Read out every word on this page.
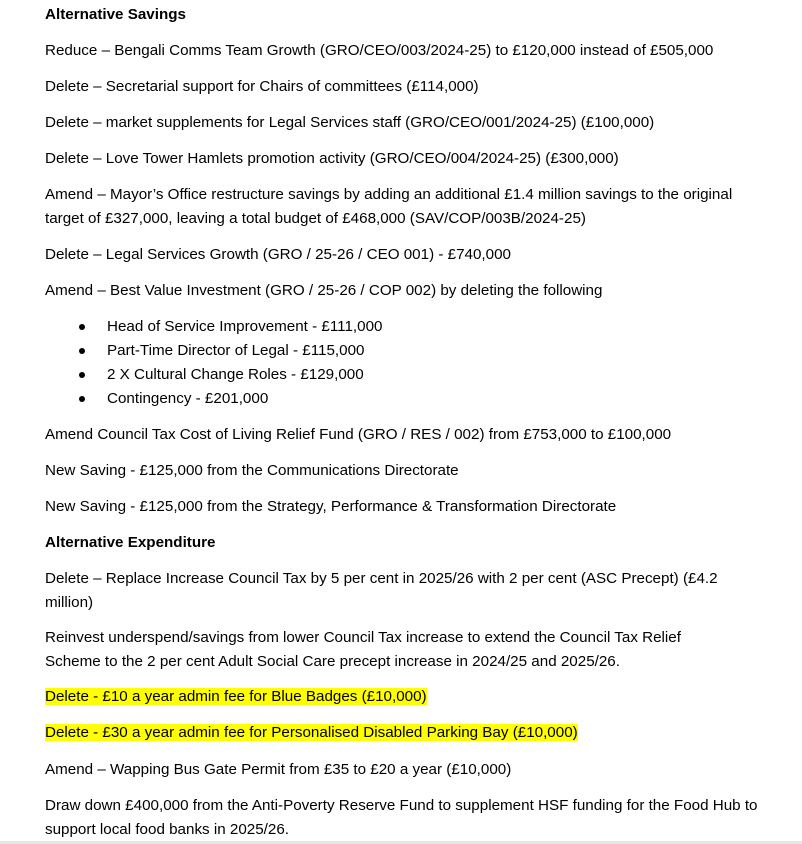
Alternative Savings

Reduce – Bengali Comms Team Growth (GRO/CEO/003/2024-25) to £120,000 instead of £505,000

Delete – Secretarial support for Chairs of committees (£114,000)

Delete – market supplements for Legal Services staff (GRO/CEO/001/2024-25) (£100,000)

Delete – Love Tower Hamlets promotion activity (GRO/CEO/004/2024-25) (£300,000)

Amend – Mayor’s Office restructure savings by adding an additional £1.4 million savings to the original target of £327,000, leaving a total budget of £468,000 (SAV/COP/003B/2024-25)

Delete – Legal Services Growth (GRO / 25-26 / CEO 001) - £740,000

Amend – Best Value Investment (GRO / 25-26 / COP 002) by deleting the following

Head of Service Improvement - £111,000
Part-Time Director of Legal - £115,000
2 X Cultural Change Roles - £129,000
Contingency - £201,000

Amend Council Tax Cost of Living Relief Fund (GRO / RES / 002) from £753,000 to £100,000

New Saving - £125,000 from the Communications Directorate

New Saving - £125,000 from the Strategy, Performance & Transformation Directorate

Alternative Expenditure

Delete – Replace Increase Council Tax by 5 per cent in 2025/26 with 2 per cent (ASC Precept) (£4.2 million)

Reinvest underspend/savings from lower Council Tax increase to extend the Council Tax Relief Scheme to the 2 per cent Adult Social Care precept increase in 2024/25 and 2025/26.

Delete - £10 a year admin fee for Blue Badges (£10,000)

Delete - £30 a year admin fee for Personalised Disabled Parking Bay (£10,000)

Amend – Wapping Bus Gate Permit from £35 to £20 a year (£10,000)

Draw down £400,000 from the Anti-Poverty Reserve Fund to supplement HSF funding for the Food Hub to support local food banks in 2025/26.
